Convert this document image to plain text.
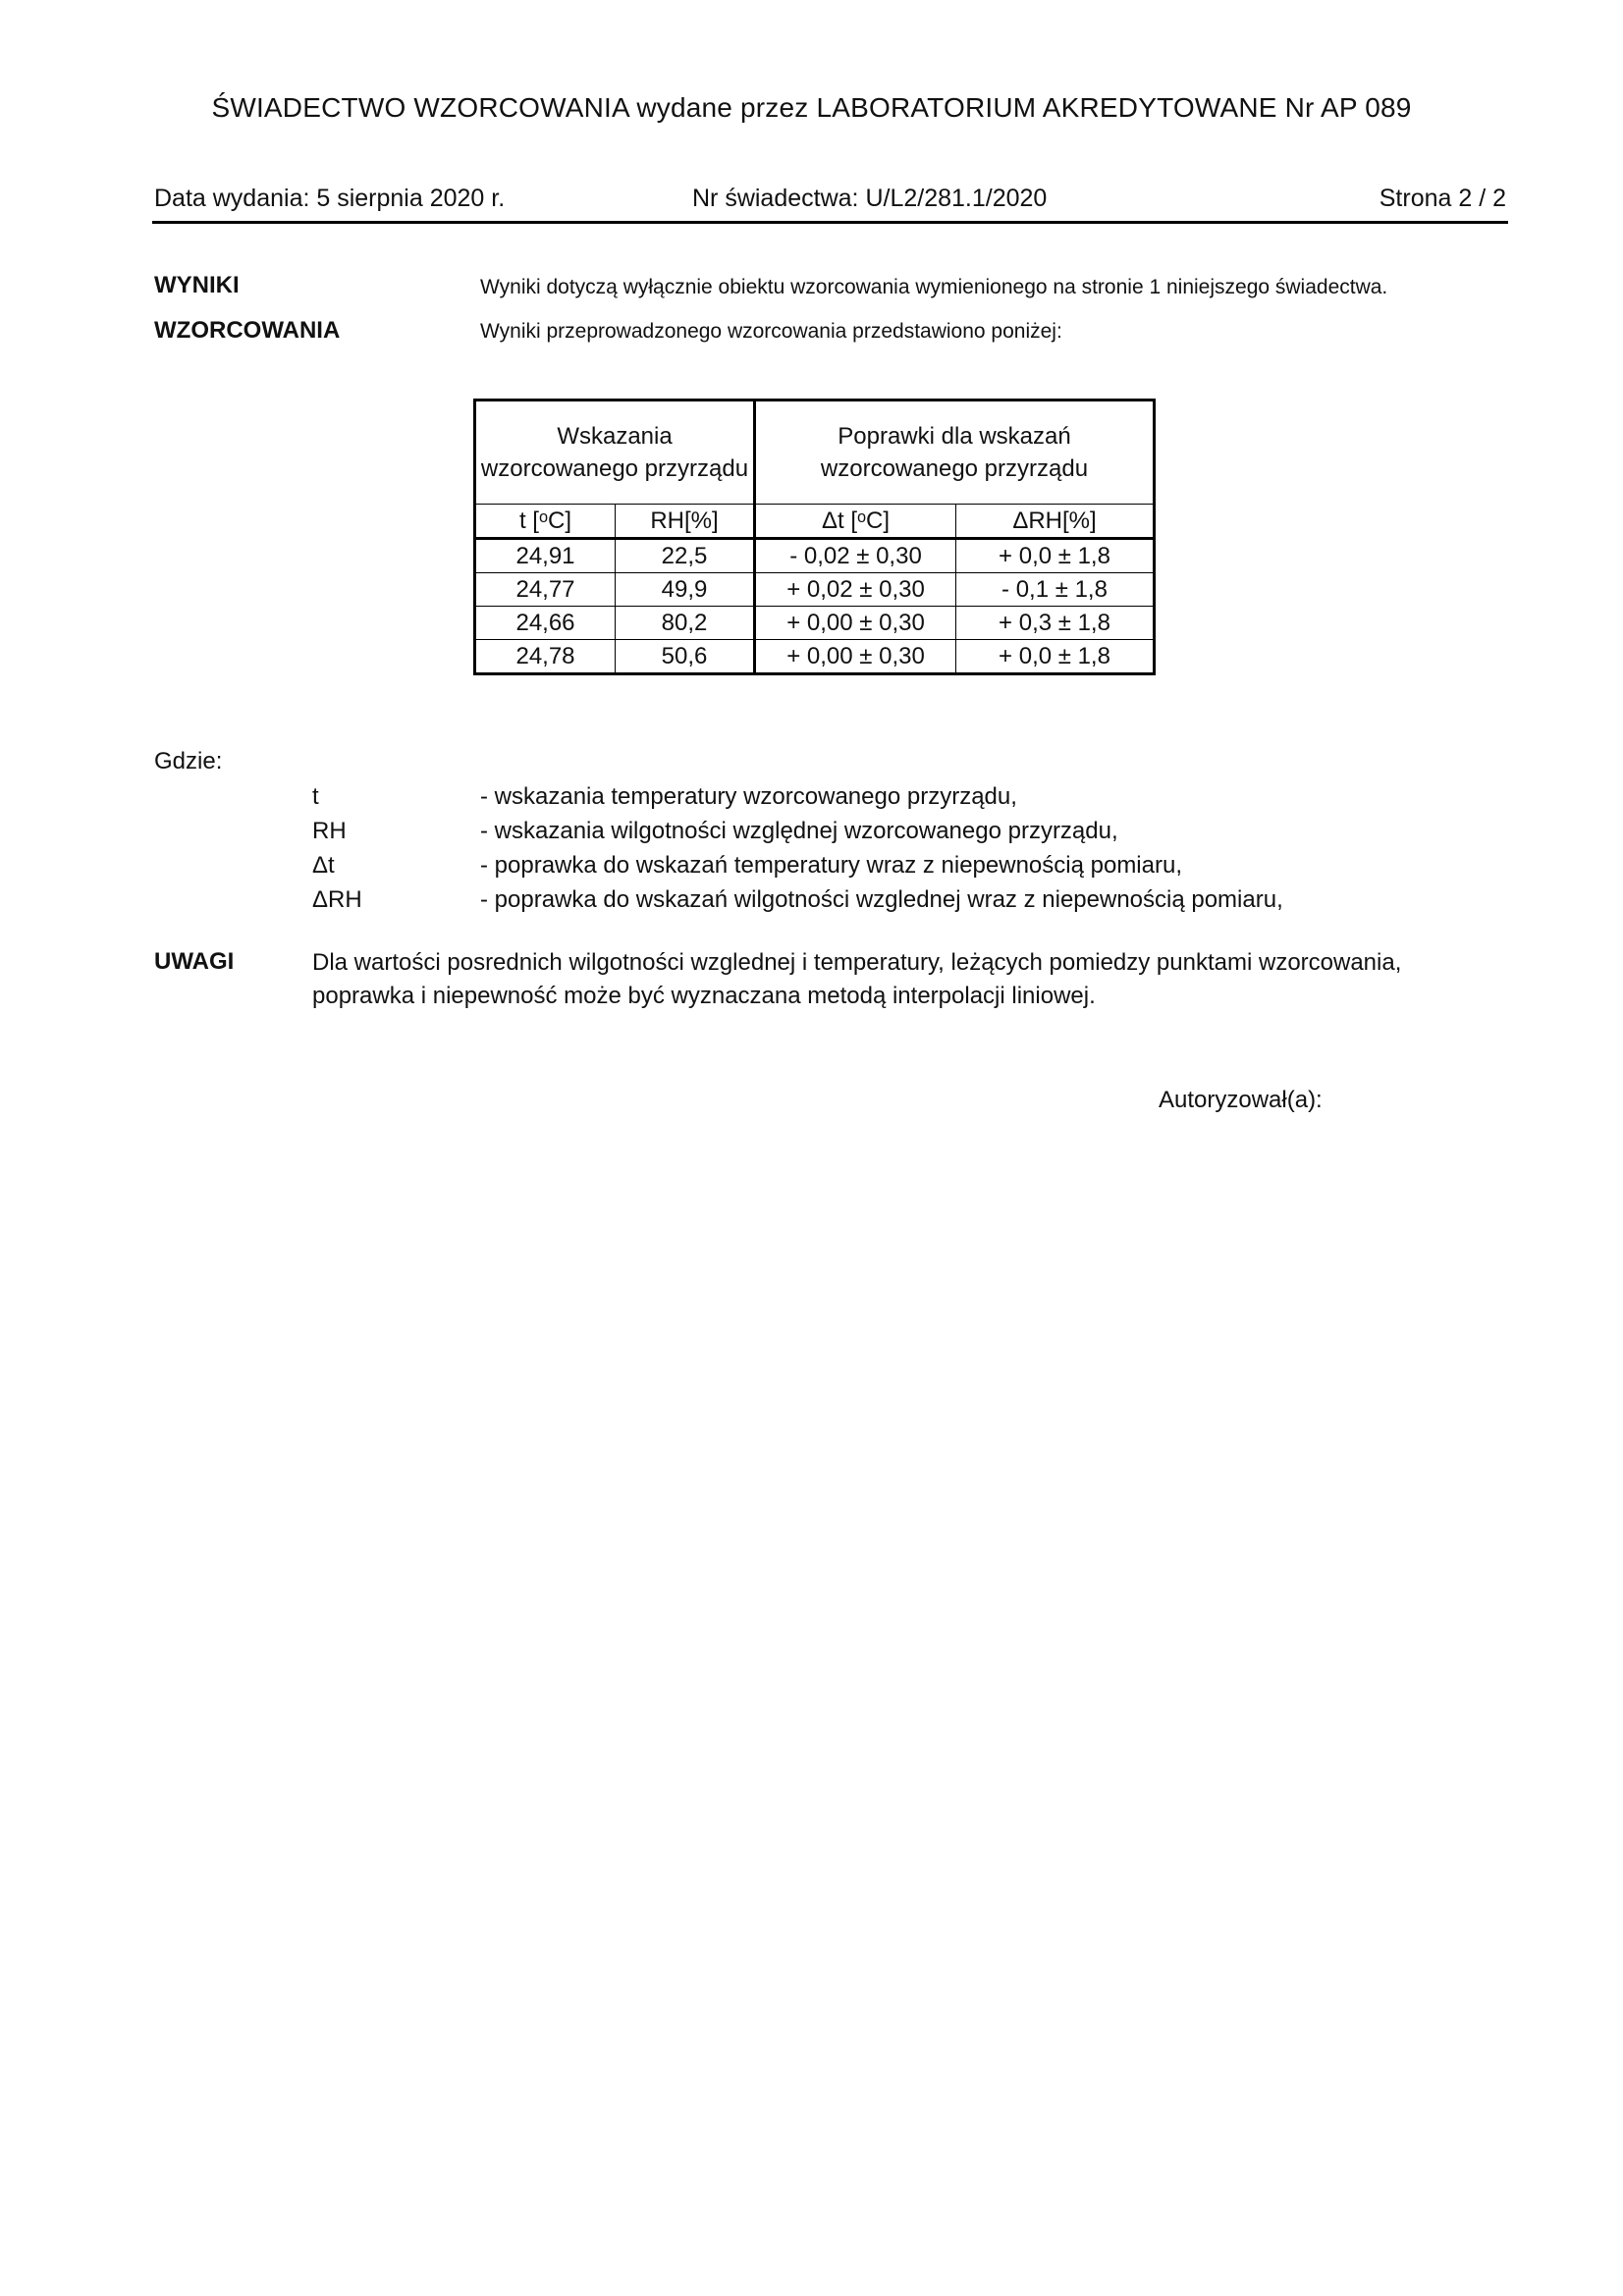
ŚWIADECTWO WZORCOWANIA wydane przez LABORATORIUM AKREDYTOWANE Nr AP 089
Data wydania: 5 sierpnia 2020 r.	Nr świadectwa: U/L2/281.1/2020	Strona 2 / 2
WYNIKI
WZORCOWANIA
Wyniki dotyczą wyłącznie obiektu wzorcowania wymienionego na stronie 1 niniejszego świadectwa.
Wyniki przeprowadzonego wzorcowania przedstawiono poniżej:
Wskazania wzorcowanego przyrządu		Poprawki dla wskazań wzorcowanego przyrządu	
t [ᵒC]	RH[%]	Δt [ᵒC]	ΔRH[%]
24,91	22,5	- 0,02 ± 0,30	+ 0,0 ± 1,8
24,77	49,9	+ 0,02 ± 0,30	- 0,1 ± 1,8
24,66	80,2	+ 0,00 ± 0,30	+ 0,3 ± 1,8
24,78	50,6	+ 0,00 ± 0,30	+ 0,0 ± 1,8
Gdzie:
t	- wskazania temperatury wzorcowanego przyrządu,
RH	- wskazania wilgotności względnej wzorcowanego przyrządu,
Δt	- poprawka do wskazań temperatury wraz z niepewnością pomiaru,
ΔRH	- poprawka do wskazań wilgotności wzglednej wraz z niepewnością pomiaru,
UWAGI	Dla wartości posrednich wilgotności wzglednej i temperatury, leżących pomiedzy punktami wzorcowania, poprawka i niepewność może być wyznaczana metodą interpolacji liniowej.
Autoryzował(a):
